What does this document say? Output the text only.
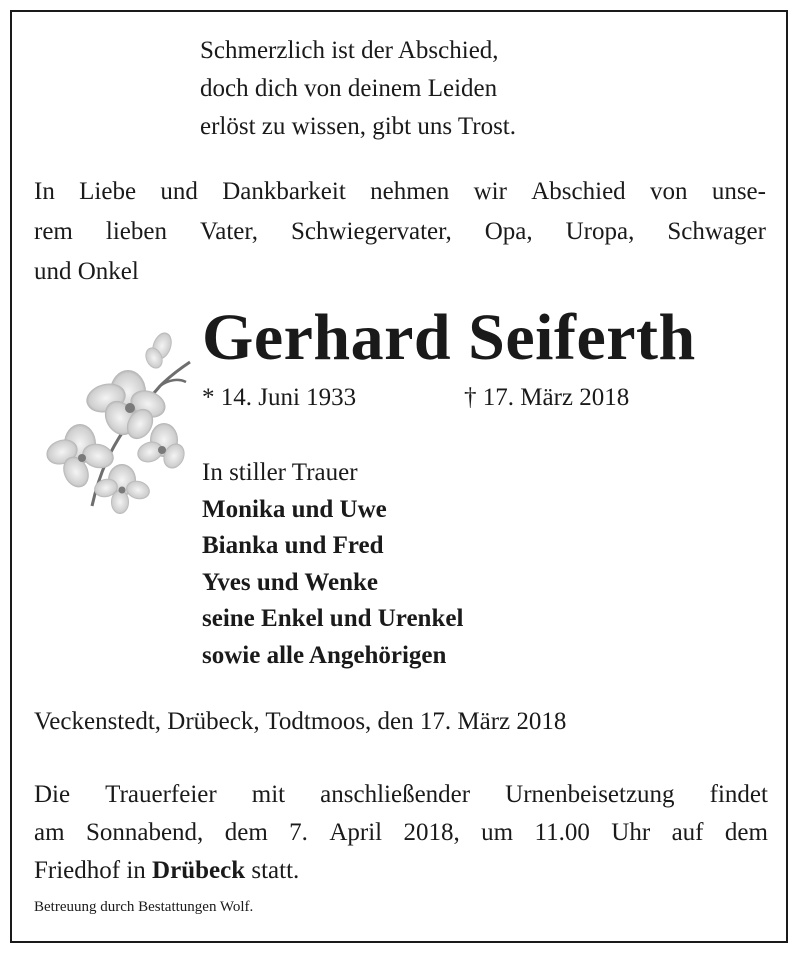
Schmerzlich ist der Abschied,
doch dich von deinem Leiden
erlöst zu wissen, gibt uns Trost.
In Liebe und Dankbarkeit nehmen wir Abschied von unse-
rem lieben Vater, Schwiegervater, Opa, Uropa, Schwager
und Onkel
Gerhard Seiferth
* 14. Juni 1933	† 17. März 2018
In stiller Trauer
Monika und Uwe
Bianka und Fred
Yves und Wenke
seine Enkel und Urenkel
sowie alle Angehörigen
Veckenstedt, Drübeck, Todtmoos, den 17. März 2018
Die Trauerfeier mit anschließender Urnenbeisetzung findet
am Sonnabend, dem 7. April 2018, um 11.00 Uhr auf dem
Friedhof in Drübeck statt.
Betreuung durch Bestattungen Wolf.
